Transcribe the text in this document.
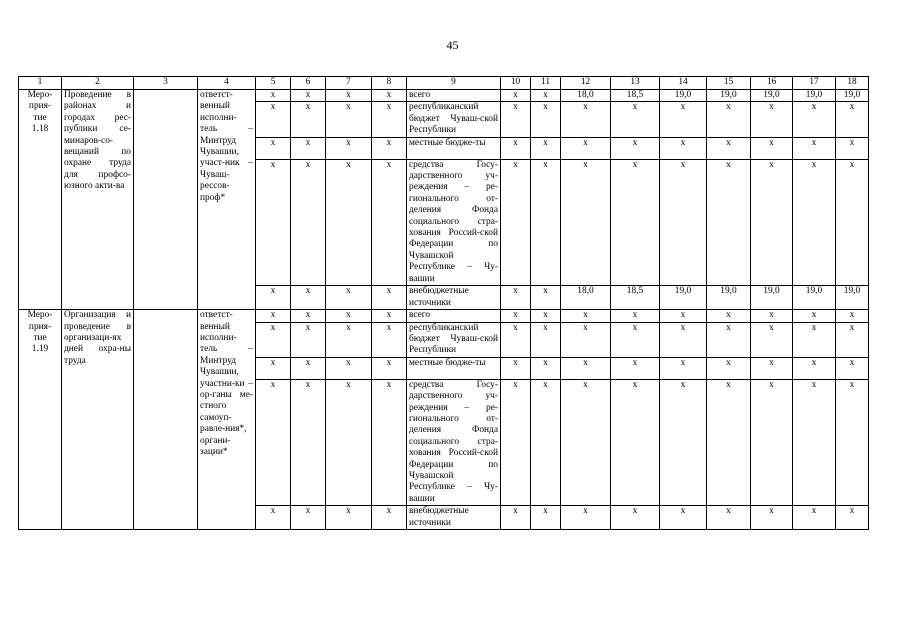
45
1	2	3	4	5	6	7	8	9	10	11	12	13	14	15	16	17	18
Меро-
прия-
тие
1.18	Проведение в районах и городах рес-публики се-минаров-со-вещаний по охране труда для профсо-юзного акти-ва		ответст-венный исполни-тель – Минтруд Чувашии, участ-ник – Чуваш-рессов-проф*	x	x	x	x	всего	x	x	18,0	18,5	19,0	19,0	19,0	19,0	19,0
				x	x	x	x	республиканский бюджет Чуваш-ской Республики	x	x	x	x	x	x	x	x	x
				x	x	x	x	местные бюдже-ты	x	x	x	x	x	x	x	x	x
				x	x	x	x	средства Госу-дарственного уч-реждения – ре-гионального от-деления Фонда социального стра-хования Россий-ской Федерации по Чувашской Республике – Чу-вашии	x	x	x	x	x	x	x	x	x
				x	x	x	x	внебюджетные источники	x	x	18,0	18,5	19,0	19,0	19,0	19,0	19,0
Меро-
прия-
тие
1.19	Организация и проведение в организаци-ях дней охра-ны труда		ответст-венный исполни-тель – Минтруд Чувашии, участни-ки – ор-ганы ме-стного самоуп-равле-ния*, органи-зации*	x	x	x	x	всего	x	x	x	x	x	x	x	x	x
				x	x	x	x	республиканский бюджет Чуваш-ской Республики	x	x	x	x	x	x	x	x	x
				x	x	x	x	местные бюдже-ты	x	x	x	x	x	x	x	x	x
				x	x	x	x	средства Госу-дарственного уч-реждения – ре-гионального от-деления Фонда социального стра-хования Россий-ской Федерации по Чувашской Республике – Чу-вашии	x	x	x	x	x	x	x	x	x
				x	x	x	x	внебюджетные источники	x	x	x	x	x	x	x	x	x
